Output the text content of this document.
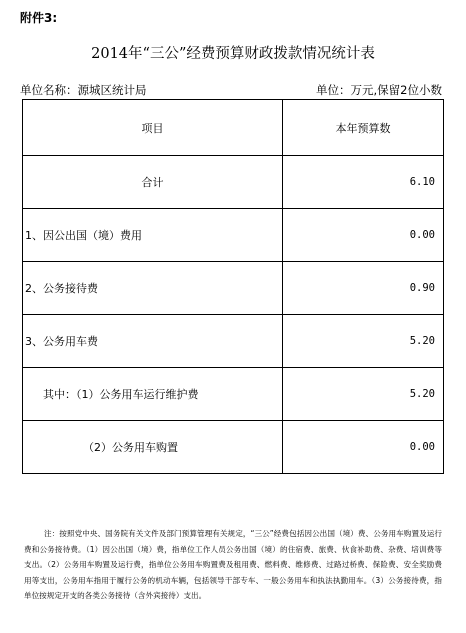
附件3:
2014年“三公”经费预算财政拨款情况统计表
单位名称：源城区统计局	单位：万元,保留2位小数
项目	本年预算数
合计	6.10
1、因公出国（境）费用	0.00
2、公务接待费	0.90
3、公务用车费	5.20
其中：（1）公务用车运行维护费	5.20
（2）公务用车购置	0.00
注：按照党中央、国务院有关文件及部门预算管理有关规定，“三公”经费包括因公出国（境）费、公务用车购置及运行费和公务接待费。（1）因公出国（境）费，指单位工作人员公务出国（境）的住宿费、旅费、伙食补助费、杂费、培训费等支出。（2）公务用车购置及运行费，指单位公务用车购置费及租用费、燃料费、维修费、过路过桥费、保险费、安全奖励费用等支出，公务用车指用于履行公务的机动车辆，包括领导干部专车、一般公务用车和执法执勤用车。（3）公务接待费，指单位按规定开支的各类公务接待（含外宾接待）支出。
